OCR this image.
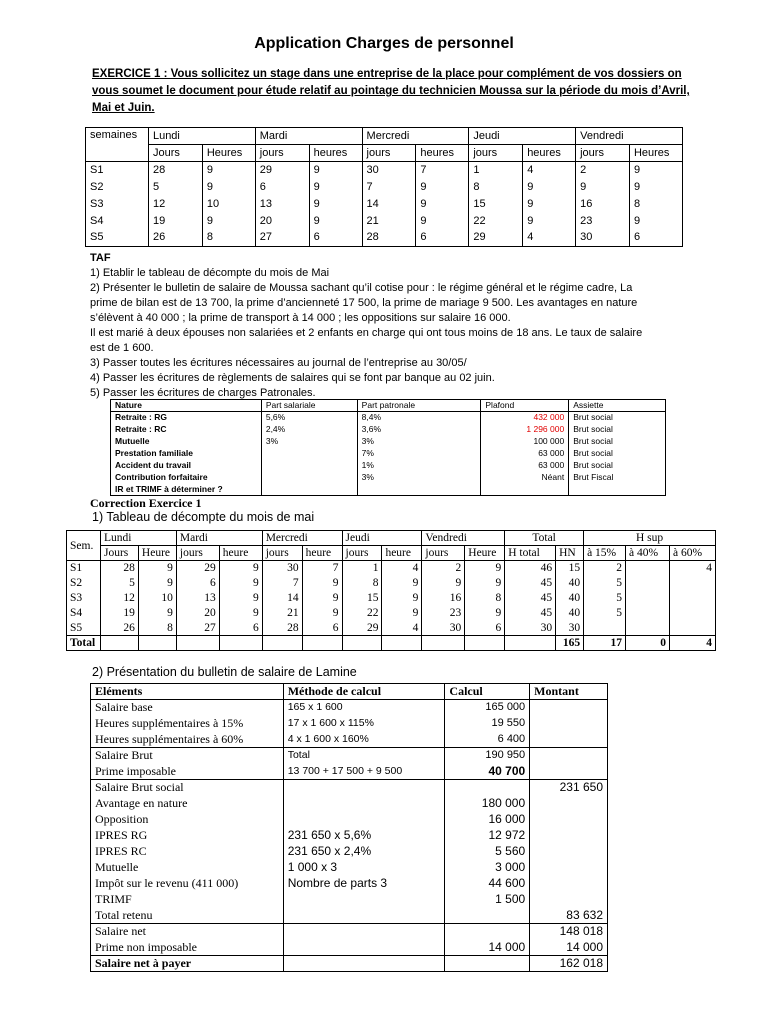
Application Charges de personnel
EXERCICE 1 : Vous sollicitez un stage dans une entreprise de la place pour complément de vos dossiers on vous soumet le document pour étude relatif au pointage du technicien Moussa sur la période du mois d’Avril, Mai et Juin.
semaines	Lundi		Mardi		Mercredi		Jeudi		Vendredi	
	Jours	Heures	jours	heures	jours	heures	jours	heures	jours	Heures
S1	28	9	29	9	30	7	1	4	2	9
S2	5	9	6	9	7	9	8	9	9	9
S3	12	10	13	9	14	9	15	9	16	8
S4	19	9	20	9	21	9	22	9	23	9
S5	26	8	27	6	28	6	29	4	30	6
TAF
1) Etablir le tableau de décompte du mois de Mai
2) Présenter le bulletin de salaire de Moussa sachant qu’il cotise pour : le régime général et le régime cadre, La
prime de bilan est de 13 700, la prime d’ancienneté 17 500, la prime de mariage 9 500. Les avantages en nature
s’élèvent à 40 000 ; la prime de transport à 14 000 ; les oppositions sur salaire 16 000.
Il est marié à deux épouses non salariées et 2 enfants en charge qui ont tous moins de 18 ans. Le taux de salaire
est de 1 600.
3) Passer toutes les écritures nécessaires au journal de l’entreprise au 30/05/
4) Passer les écritures de règlements de salaires qui se font par banque au 02 juin.
5) Passer les écritures de charges Patronales.
Nature	Part salariale	Part patronale	Plafond	Assiette
Retraite : RG	5,6%	8,4%	432 000	Brut social
Retraite : RC	2,4%	3,6%	1 296 000	Brut social
Mutuelle	3%	3%	100 000	Brut social
Prestation familiale		7%	63 000	Brut social
Accident du travail		1%	63 000	Brut social
Contribution forfaitaire		3%	Néant	Brut Fiscal
IR et TRIMF à déterminer ?				
Correction Exercice 1
1) Tableau de décompte du mois de mai
Sem.	Lundi		Mardi		Mercredi		Jeudi		Vendredi		Total		H sup		
	Jours	Heure	jours	heure	jours	heure	jours	heure	jours	Heure	H total	HN	à 15%	à 40%	à 60%
S1	28	9	29	9	30	7	1	4	2	9	46	15	2		4
S2	5	9	6	9	7	9	8	9	9	9	45	40	5		
S3	12	10	13	9	14	9	15	9	16	8	45	40	5		
S4	19	9	20	9	21	9	22	9	23	9	45	40	5		
S5	26	8	27	6	28	6	29	4	30	6	30	30			
Total												165	17	0	4
2) Présentation du bulletin de salaire de Lamine
Eléments	Méthode de calcul	Calcul	Montant
Salaire base	165 x 1 600	165 000	
Heures supplémentaires à 15%	17 x 1 600 x 115%	19 550	
Heures supplémentaires à 60%	4 x 1 600 x 160%	6 400	
Salaire Brut	Total	190 950	
Prime imposable	13 700 + 17 500 + 9 500	40 700	
Salaire Brut social			231 650
Avantage en nature		180 000	
Opposition		16 000	
IPRES RG	231 650 x 5,6%	12 972	
IPRES RC	231 650 x 2,4%	5 560	
Mutuelle	1 000 x 3	3 000	
Impôt sur le revenu (411 000)	Nombre de parts 3	44 600	
TRIMF		1 500	
Total retenu			83 632
Salaire net			148 018
Prime non imposable		14 000	14 000
Salaire net à payer			162 018
